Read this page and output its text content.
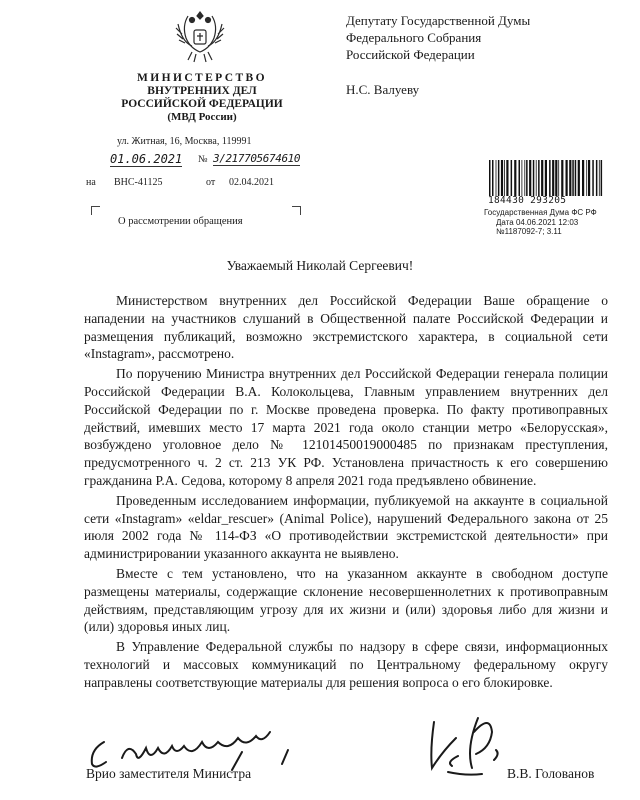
МИНИСТЕРСТВО
ВНУТРЕННИХ ДЕЛ
РОССИЙСКОЙ ФЕДЕРАЦИИ
(МВД России)
ул. Житная, 16, Москва, 119991
01.06.2021 № 3/217705674610
на ВНС-41125	от 02.04.2021
О рассмотрении обращения
Депутату Государственной Думы
Федерального Собрания
Российской Федерации
Н.С. Валуеву
184430 293205
Государственная Дума ФС РФ
Дата 04.06.2021 12:03
№1187092-7; 3.11
Уважаемый Николай Сергеевич!

Министерством внутренних дел Российской Федерации Ваше обращение о нападении на участников слушаний в Общественной палате Российской Федерации и размещения публикаций, возможно экстремистского характера, в социальной сети «Instagram», рассмотрено.

По поручению Министра внутренних дел Российской Федерации генерала полиции Российской Федерации В.А. Колокольцева, Главным управлением внутренних дел Российской Федерации по г. Москве проведена проверка. По факту противоправных действий, имевших место 17 марта 2021 года около станции метро «Белорусская», возбуждено уголовное дело № 12101450019000485 по признакам преступления, предусмотренного ч. 2 ст. 213 УК РФ. Установлена причастность к его совершению гражданина Р.А. Седова, которому 8 апреля 2021 года предъявлено обвинение.

Проведенным исследованием информации, публикуемой на аккаунте в социальной сети «Instagram» «eldar_rescuer» (Animal Police), нарушений Федерального закона от 25 июля 2002 года № 114-ФЗ «О противодействии экстремистской деятельности» при администрировании указанного аккаунта не выявлено.

Вместе с тем установлено, что на указанном аккаунте в свободном доступе размещены материалы, содержащие склонение несовершеннолетних к противоправным действиям, представляющим угрозу для их жизни и (или) здоровья либо для жизни и (или) здоровья иных лиц.

В Управление Федеральной службы по надзору в сфере связи, информационных технологий и массовых коммуникаций по Центральному федеральному округу направлены соответствующие материалы для решения вопроса о его блокировке.

Врио заместителя Министра	В.В. Голованов
